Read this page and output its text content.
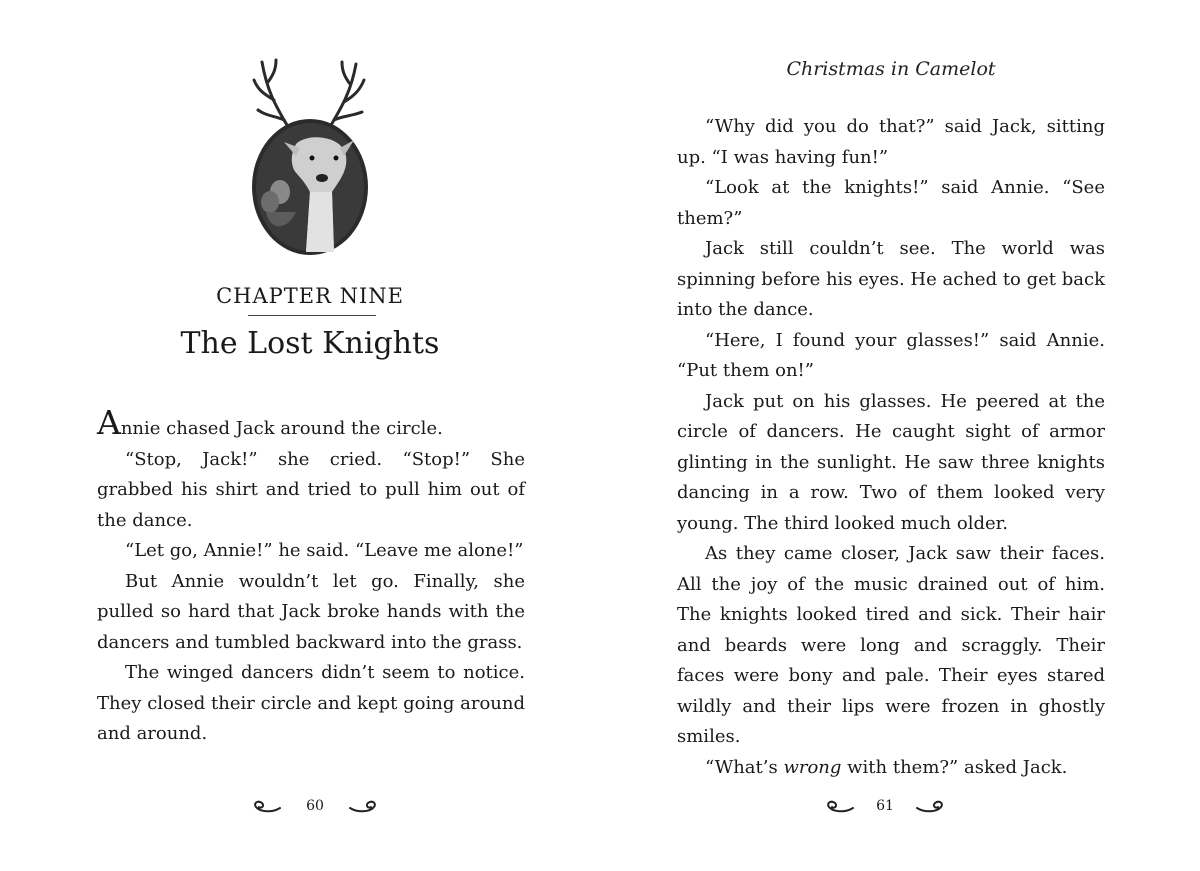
CHAPTER NINE
The Lost Knights

Annie chased Jack around the circle.

“Stop, Jack!” she cried. “Stop!” She grabbed his shirt and tried to pull him out of the dance.

“Let go, Annie!” he said. “Leave me alone!”

But Annie wouldn’t let go. Finally, she pulled so hard that Jack broke hands with the dancers and tumbled backward into the grass.

The winged dancers didn’t seem to notice. They closed their circle and kept going around and around.

60
Christmas in Camelot

“Why did you do that?” said Jack, sitting up. “I was having fun!”

“Look at the knights!” said Annie. “See them?”

Jack still couldn’t see. The world was spinning before his eyes. He ached to get back into the dance.

“Here, I found your glasses!” said Annie. “Put them on!”

Jack put on his glasses. He peered at the circle of dancers. He caught sight of armor glinting in the sunlight. He saw three knights dancing in a row. Two of them looked very young. The third looked much older.

As they came closer, Jack saw their faces. All the joy of the music drained out of him. The knights looked tired and sick. Their hair and beards were long and scraggly. Their faces were bony and pale. Their eyes stared wildly and their lips were frozen in ghostly smiles.

“What’s wrong with them?” asked Jack.

61
